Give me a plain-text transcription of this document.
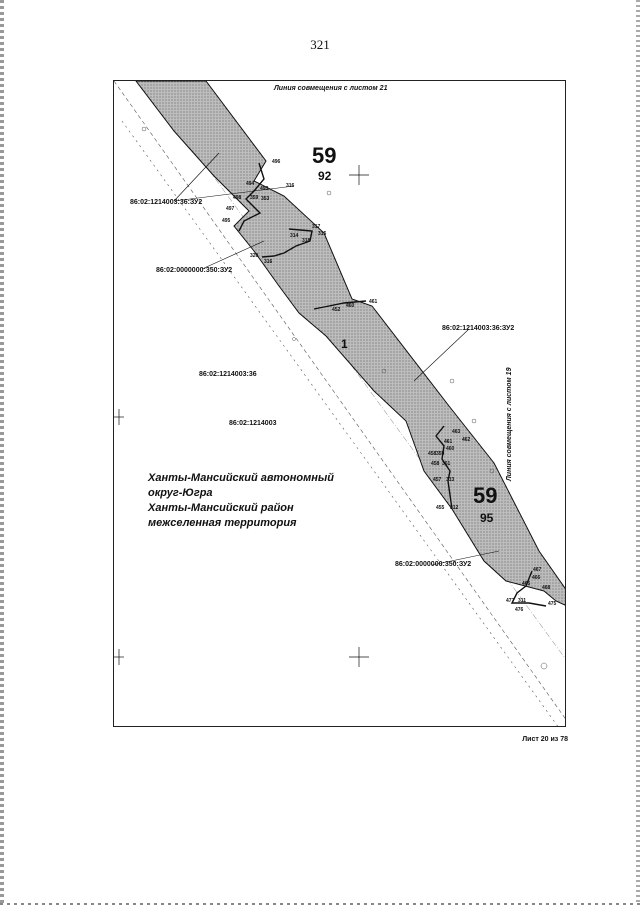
321
Линия совмещения с листом 21
Линия совмещения с листом 19
59
92
1
59
95
86:02:1214003:36:ЗУ2
86:02:0000000:350:ЗУ2
86:02:1214003:36:ЗУ2
86:02:1214003:36
86:02:1214003
86:02:0000000:350:ЗУ2
Ханты-Мансийский автономный
округ-Югра
Ханты-Мансийский район
межселенная территория
496
494
493	316
498 359
497
353
495
315
317
318
314
320
316
461
460
452
463
462
461
460
458 359
458 361
457 313
455 312
467
466
465
468
477 311	475
476
Лист 20 из 78
